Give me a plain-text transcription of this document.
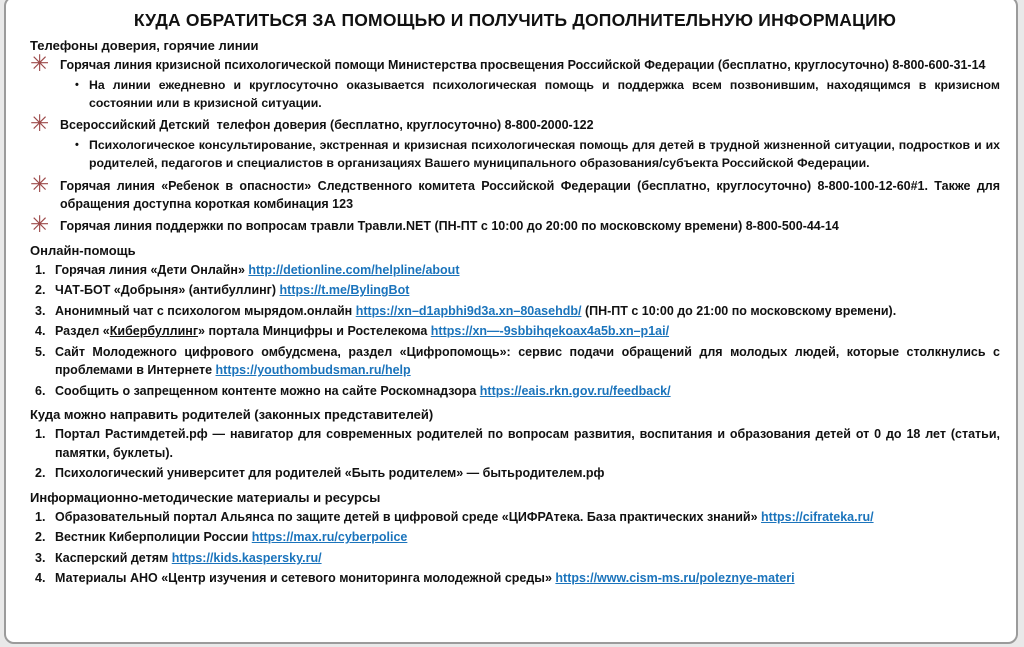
КУДА ОБРАТИТЬСЯ ЗА ПОМОЩЬЮ И ПОЛУЧИТЬ ДОПОЛНИТЕЛЬНУЮ ИНФОРМАЦИЮ
Телефоны доверия, горячие линии
✳ Горячая линия кризисной психологической помощи Министерства просвещения Российской Федерации (бесплатно, круглосуточно) 8-800-600-31-14

• На линии ежедневно и круглосуточно оказывается психологическая помощь и поддержка всем позвонившим, находящимся в кризисном состоянии или в кризисной ситуации.

✳ Всероссийский Детский  телефон доверия (бесплатно, круглосуточно) 8-800-2000-122

• Психологическое консультирование, экстренная и кризисная психологическая помощь для детей в трудной жизненной ситуации, подростков и их родителей, педагогов и специалистов в организациях Вашего муниципального образования/субъекта Российской Федерации.

✳ Горячая линия «Ребенок в опасности» Следственного комитета Российской Федерации (бесплатно, круглосуточно) 8-800-100-12-60#1. Также для обращения доступна короткая комбинация 123

✳ Горячая линия поддержки по вопросам травли Травли.NET (ПН-ПТ с 10:00 до 20:00 по московскому времени) 8-800-500-44-14

Онлайн-помощь
1. Горячая линия «Дети Онлайн» http://detionline.com/helpline/about
2. ЧАТ-БОТ «Добрыня» (антибуллинг) https://t.me/BylingBot
3. Анонимный чат с психологом мырядом.онлайн https://xn–d1apbhi9d3a.xn–80asehdb/ (ПН-ПТ с 10:00 до 21:00 по московскому времени).
4. Раздел «Кибербуллинг» портала Минцифры и Ростелекома https://xn—-9sbbihqekoax4a5b.xn–p1ai/
5. Сайт Молодежного цифрового омбудсмена, раздел «Цифропомощь»: сервис подачи обращений для молодых людей, которые столкнулись с проблемами в Интернете https://youthombudsman.ru/help
6. Сообщить о запрещенном контенте можно на сайте Роскомнадзора https://eais.rkn.gov.ru/feedback/
Куда можно направить родителей (законных представителей)
1. Портал Растимдетей.рф — навигатор для современных родителей по вопросам развития, воспитания и образования детей от 0 до 18 лет (статьи, памятки, буклеты).
2. Психологический университет для родителей «Быть родителем» — бытьродителем.рф
Информационно-методические материалы и ресурсы
1. Образовательный портал Альянса по защите детей в цифровой среде «ЦИФРАтека. База практических знаний» https://cifrateka.ru/
2. Вестник Киберполиции России https://max.ru/cyberpolice
3. Касперский детям https://kids.kaspersky.ru/
4. Материалы АНО «Центр изучения и сетевого мониторинга молодежной среды» https://www.cism-ms.ru/poleznye-materi
